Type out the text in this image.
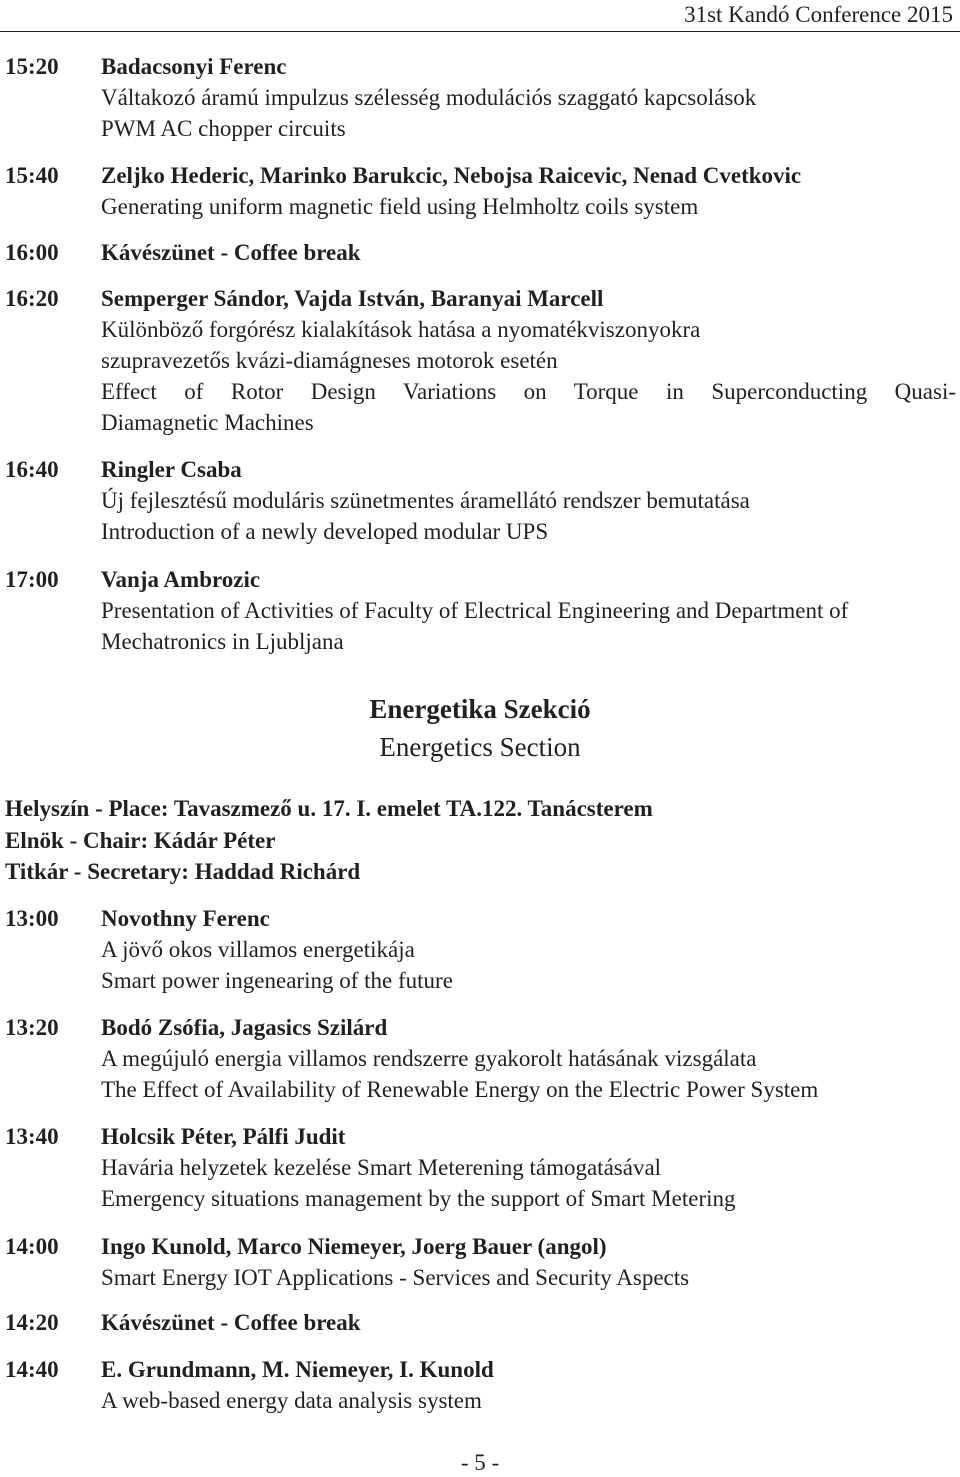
31st Kandó Conference 2015
15:20	Badacsonyi Ferenc
Váltakozó áramú impulzus szélesség modulációs szaggató kapcsolások
PWM AC chopper circuits
15:40	Zeljko Hederic, Marinko Barukcic, Nebojsa Raicevic, Nenad Cvetkovic
Generating uniform magnetic field using Helmholtz coils system
16:00	Kávészünet - Coffee break
16:20	Semperger Sándor, Vajda István, Baranyai Marcell
Különböző forgórész kialakítások hatása a nyomatékviszonyokra
szupravezetős kvázi-diamágneses motorok esetén
Effect of Rotor Design Variations on Torque in Superconducting Quasi-
Diamagnetic Machines
16:40	Ringler Csaba
Új fejlesztésű moduláris szünetmentes áramellátó rendszer bemutatása
Introduction of a newly developed modular UPS
17:00	Vanja Ambrozic
Presentation of Activities of Faculty of Electrical Engineering and Department of
Mechatronics in Ljubljana
Energetika Szekció
Energetics Section
Helyszín - Place: Tavaszmező u. 17. I. emelet TA.122. Tanácsterem
Elnök - Chair: Kádár Péter
Titkár - Secretary: Haddad Richárd
13:00	Novothny Ferenc
A jövő okos villamos energetikája
Smart power ingenearing of the future
13:20	Bodó Zsófia, Jagasics Szilárd
A megújuló energia villamos rendszerre gyakorolt hatásának vizsgálata
The Effect of Availability of Renewable Energy on the Electric Power System
13:40	Holcsik Péter, Pálfi Judit
Havária helyzetek kezelése Smart Meterening támogatásával
Emergency situations management by the support of Smart Metering
14:00	Ingo Kunold, Marco Niemeyer, Joerg Bauer (angol)
Smart Energy IOT Applications - Services and Security Aspects
14:20	Kávészünet - Coffee break
14:40	E. Grundmann, M. Niemeyer, I. Kunold
A web-based energy data analysis system
- 5 -
